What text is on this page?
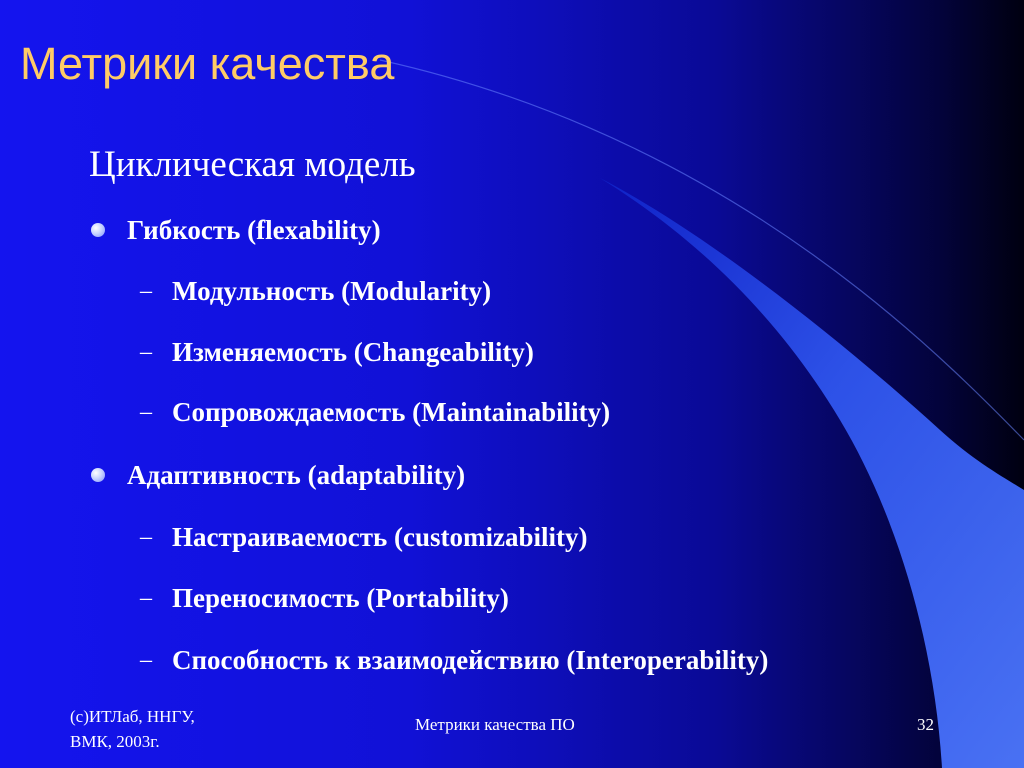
Метрики качества
Циклическая модель
Гибкость (flexability)
– Модульность (Modularity)
– Изменяемость (Changeability)
– Сопровождаемость (Maintainability)
Адаптивность (adaptability)
– Настраиваемость (customizability)
– Переносимость (Portability)
– Способность к взаимодействию (Interoperability)
(c)ИТЛаб, ННГУ,
ВМК, 2003г.
Метрики качества ПО	32
